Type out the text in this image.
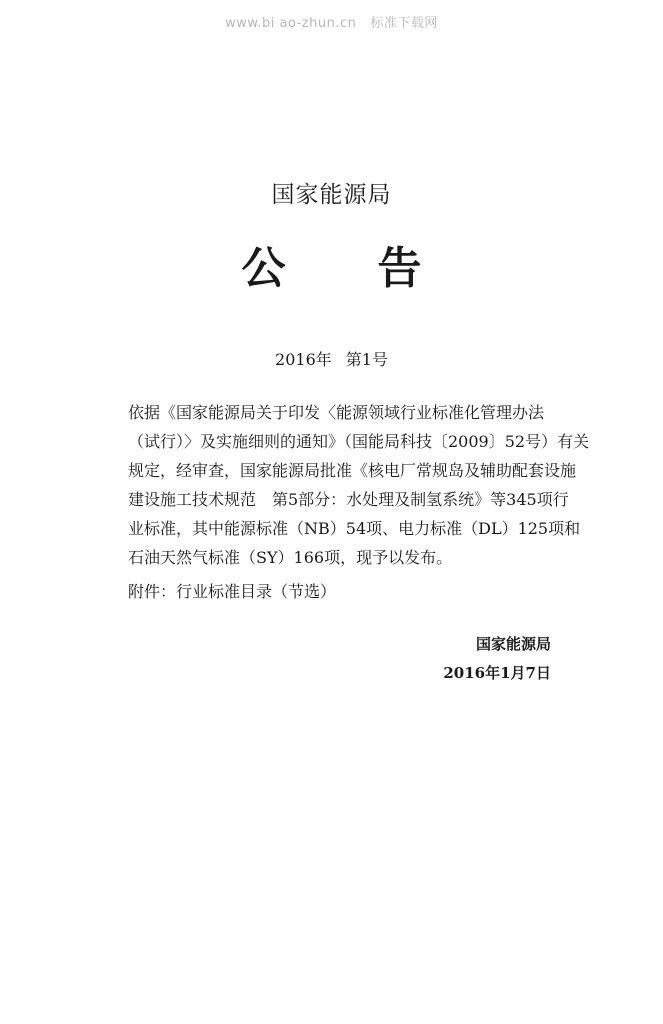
www.bi ao-zhun.cn 标准下载网
国家能源局
公 告
2016年 第1号
依据《国家能源局关于印发〈能源领域行业标准化管理办法
（试行）〉及实施细则的通知》（国能局科技〔2009〕52号）有关
规定，经审查，国家能源局批准《核电厂常规岛及辅助配套设施
建设施工技术规范　第5部分：水处理及制氢系统》等345项行
业标准，其中能源标准（NB）54项、电力标准（DL）125项和
石油天然气标准（SY）166项，现予以发布。
附件：行业标准目录（节选）
国家能源局
2016年1月7日
